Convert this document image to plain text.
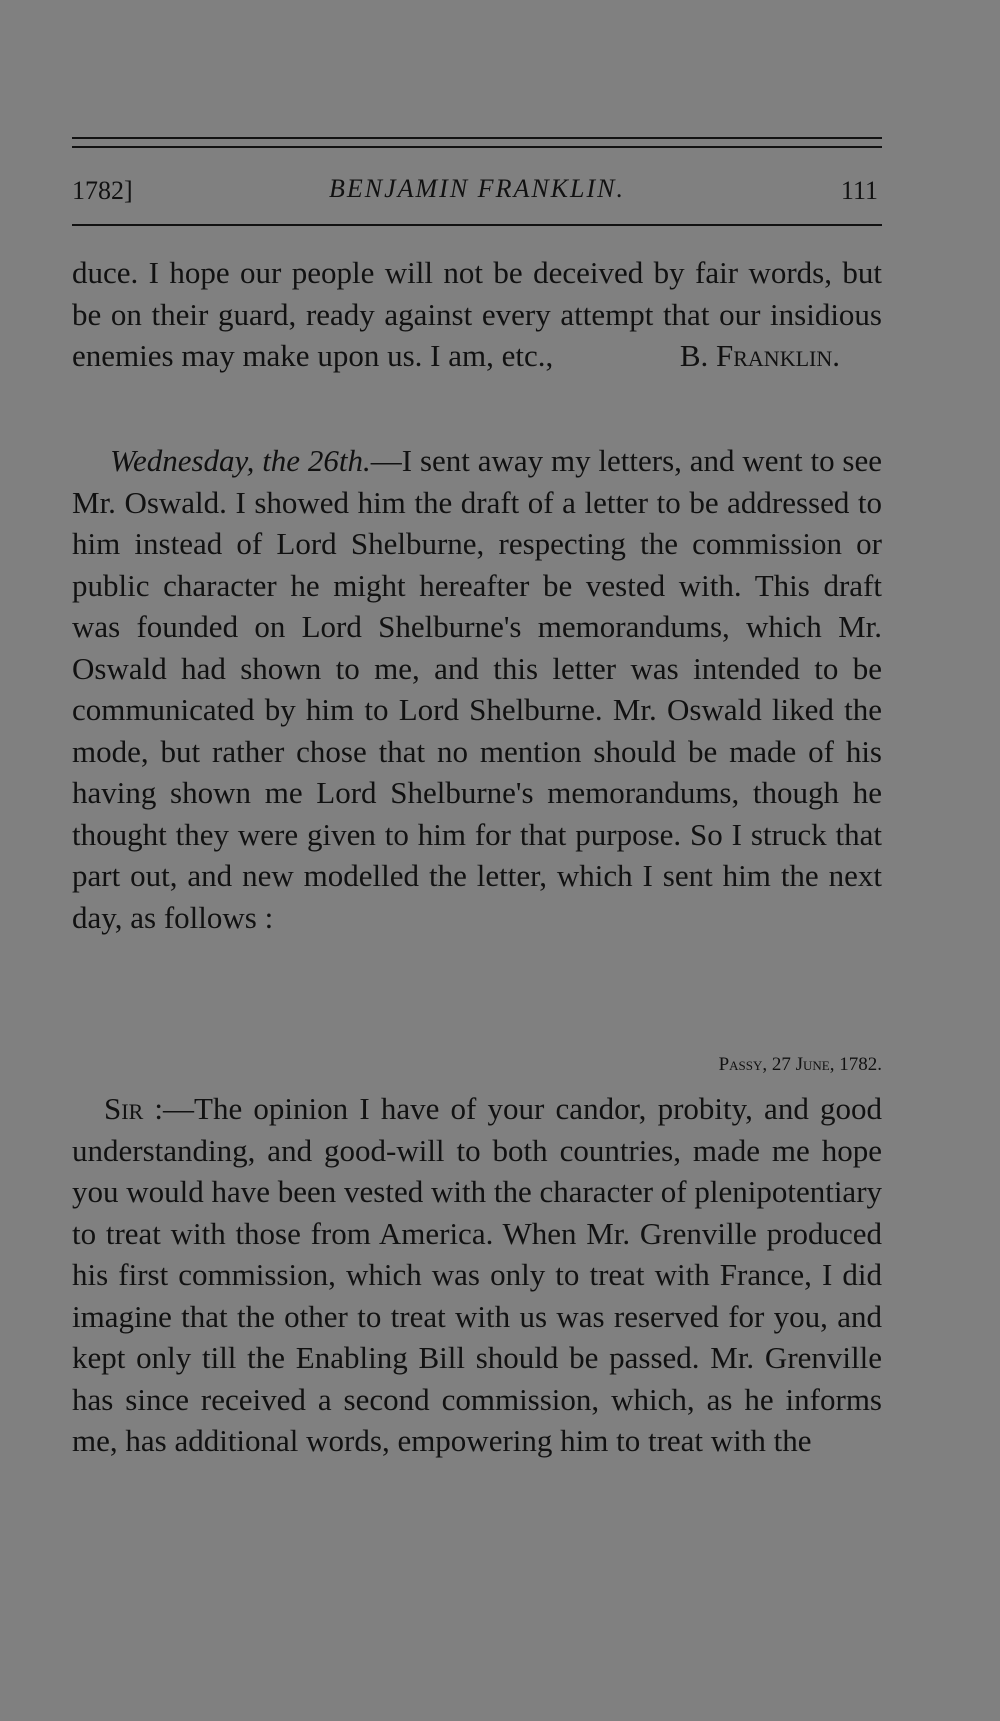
1782]	BENJAMIN FRANKLIN.	111

duce. I hope our people will not be deceived by fair words, but be on their guard, ready against every attempt that our insidious enemies may make upon us. I am, etc.,	B. Franklin.

Wednesday, the 26th.—I sent away my letters, and went to see Mr. Oswald. I showed him the draft of a letter to be addressed to him instead of Lord Shelburne, respecting the commission or public character he might hereafter be vested with. This draft was founded on Lord Shelburne's memorandums, which Mr. Oswald had shown to me, and this letter was intended to be communicated by him to Lord Shelburne. Mr. Oswald liked the mode, but rather chose that no mention should be made of his having shown me Lord Shelburne's memorandums, though he thought they were given to him for that purpose. So I struck that part out, and new modelled the letter, which I sent him the next day, as follows :

Passy, 27 June, 1782.

Sir :—The opinion I have of your candor, probity, and good understanding, and good-will to both countries, made me hope you would have been vested with the character of plenipotentiary to treat with those from America. When Mr. Grenville produced his first commission, which was only to treat with France, I did imagine that the other to treat with us was reserved for you, and kept only till the Enabling Bill should be passed. Mr. Grenville has since received a second commission, which, as he informs me, has additional words, empowering him to treat with the
